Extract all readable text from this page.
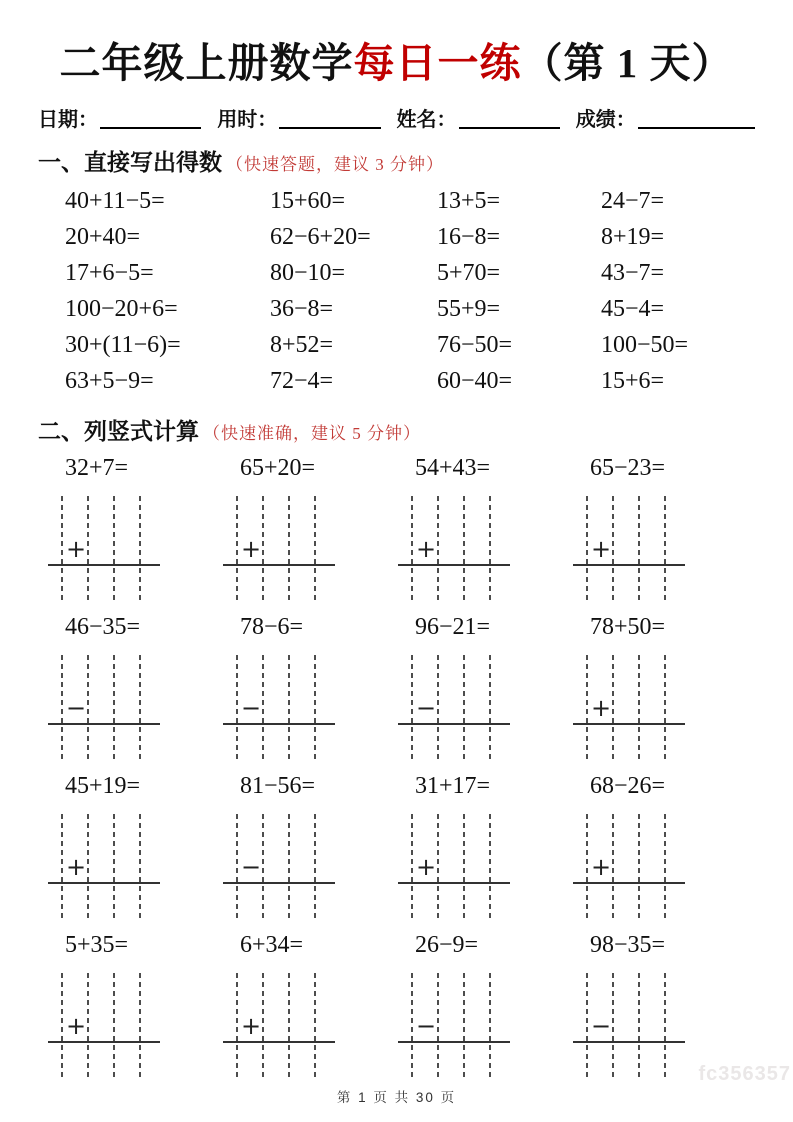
二年级上册数学每日一练（第 1 天）
日期：	用时：	姓名：	成绩：
一、直接写出得数 （快速答题，建议 3 分钟）
40+11−5=	15+60=	13+5=	24−7=
20+40=	62−6+20=	16−8=	8+19=
17+6−5=	80−10=	5+70=	43−7=
100−20+6=	36−8=	55+9=	45−4=
30+(11−6)=	8+52=	76−50=	100−50=
63+5−9=	72−4=	60−40=	15+6=
二、列竖式计算 （快速准确，建议 5 分钟）
32+7=
+
65+20=
+
54+43=
+
65−23=
+
46−35=
−
78−6=
−
96−21=
−
78+50=
+
45+19=
+
81−56=
−
31+17=
+
68−26=
+
5+35=
+
6+34=
+
26−9=
−
98−35=
−
fc356357
第 1 页 共 30 页
